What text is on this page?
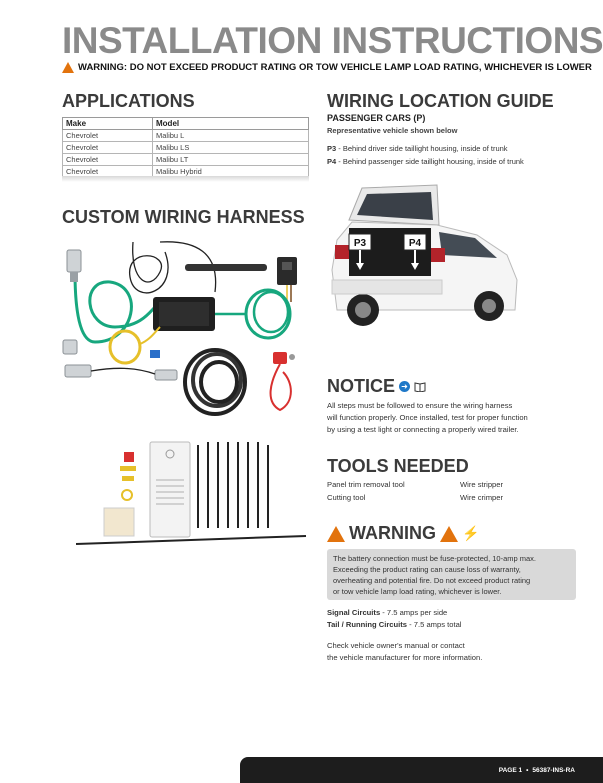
INSTALLATION INSTRUCTIONS
WARNING: DO NOT EXCEED PRODUCT RATING OR TOW VEHICLE LAMP LOAD RATING, WHICHEVER IS LOWER
APPLICATIONS
Make	Model
Chevrolet	Malibu L
Chevrolet	Malibu LS
Chevrolet	Malibu LT
Chevrolet	Malibu Hybrid
CUSTOM WIRING HARNESS
WIRING LOCATION GUIDE
PASSENGER CARS (P)
Representative vehicle shown below
P3 - Behind driver side taillight housing, inside of trunk
P4 - Behind passenger side taillight housing, inside of trunk
P3	P4
NOTICE ➜
All steps must be followed to ensure the wiring harness
will function properly. Once installed, test for proper function
by using a test light or connecting a properly wired trailer.
TOOLS NEEDED
Panel trim removal tool	Wire stripper
Cutting tool	Wire crimper
WARNING ⚡
The battery connection must be fuse-protected, 10-amp max.
Exceeding the product rating can cause loss of warranty,
overheating and potential fire. Do not exceed product rating
or tow vehicle lamp load rating, whichever is lower.
Signal Circuits - 7.5 amps per side
Tail / Running Circuits - 7.5 amps total
Check vehicle owner's manual or contact
the vehicle manufacturer for more information.
PAGE 1 • 56387-INS-RA
